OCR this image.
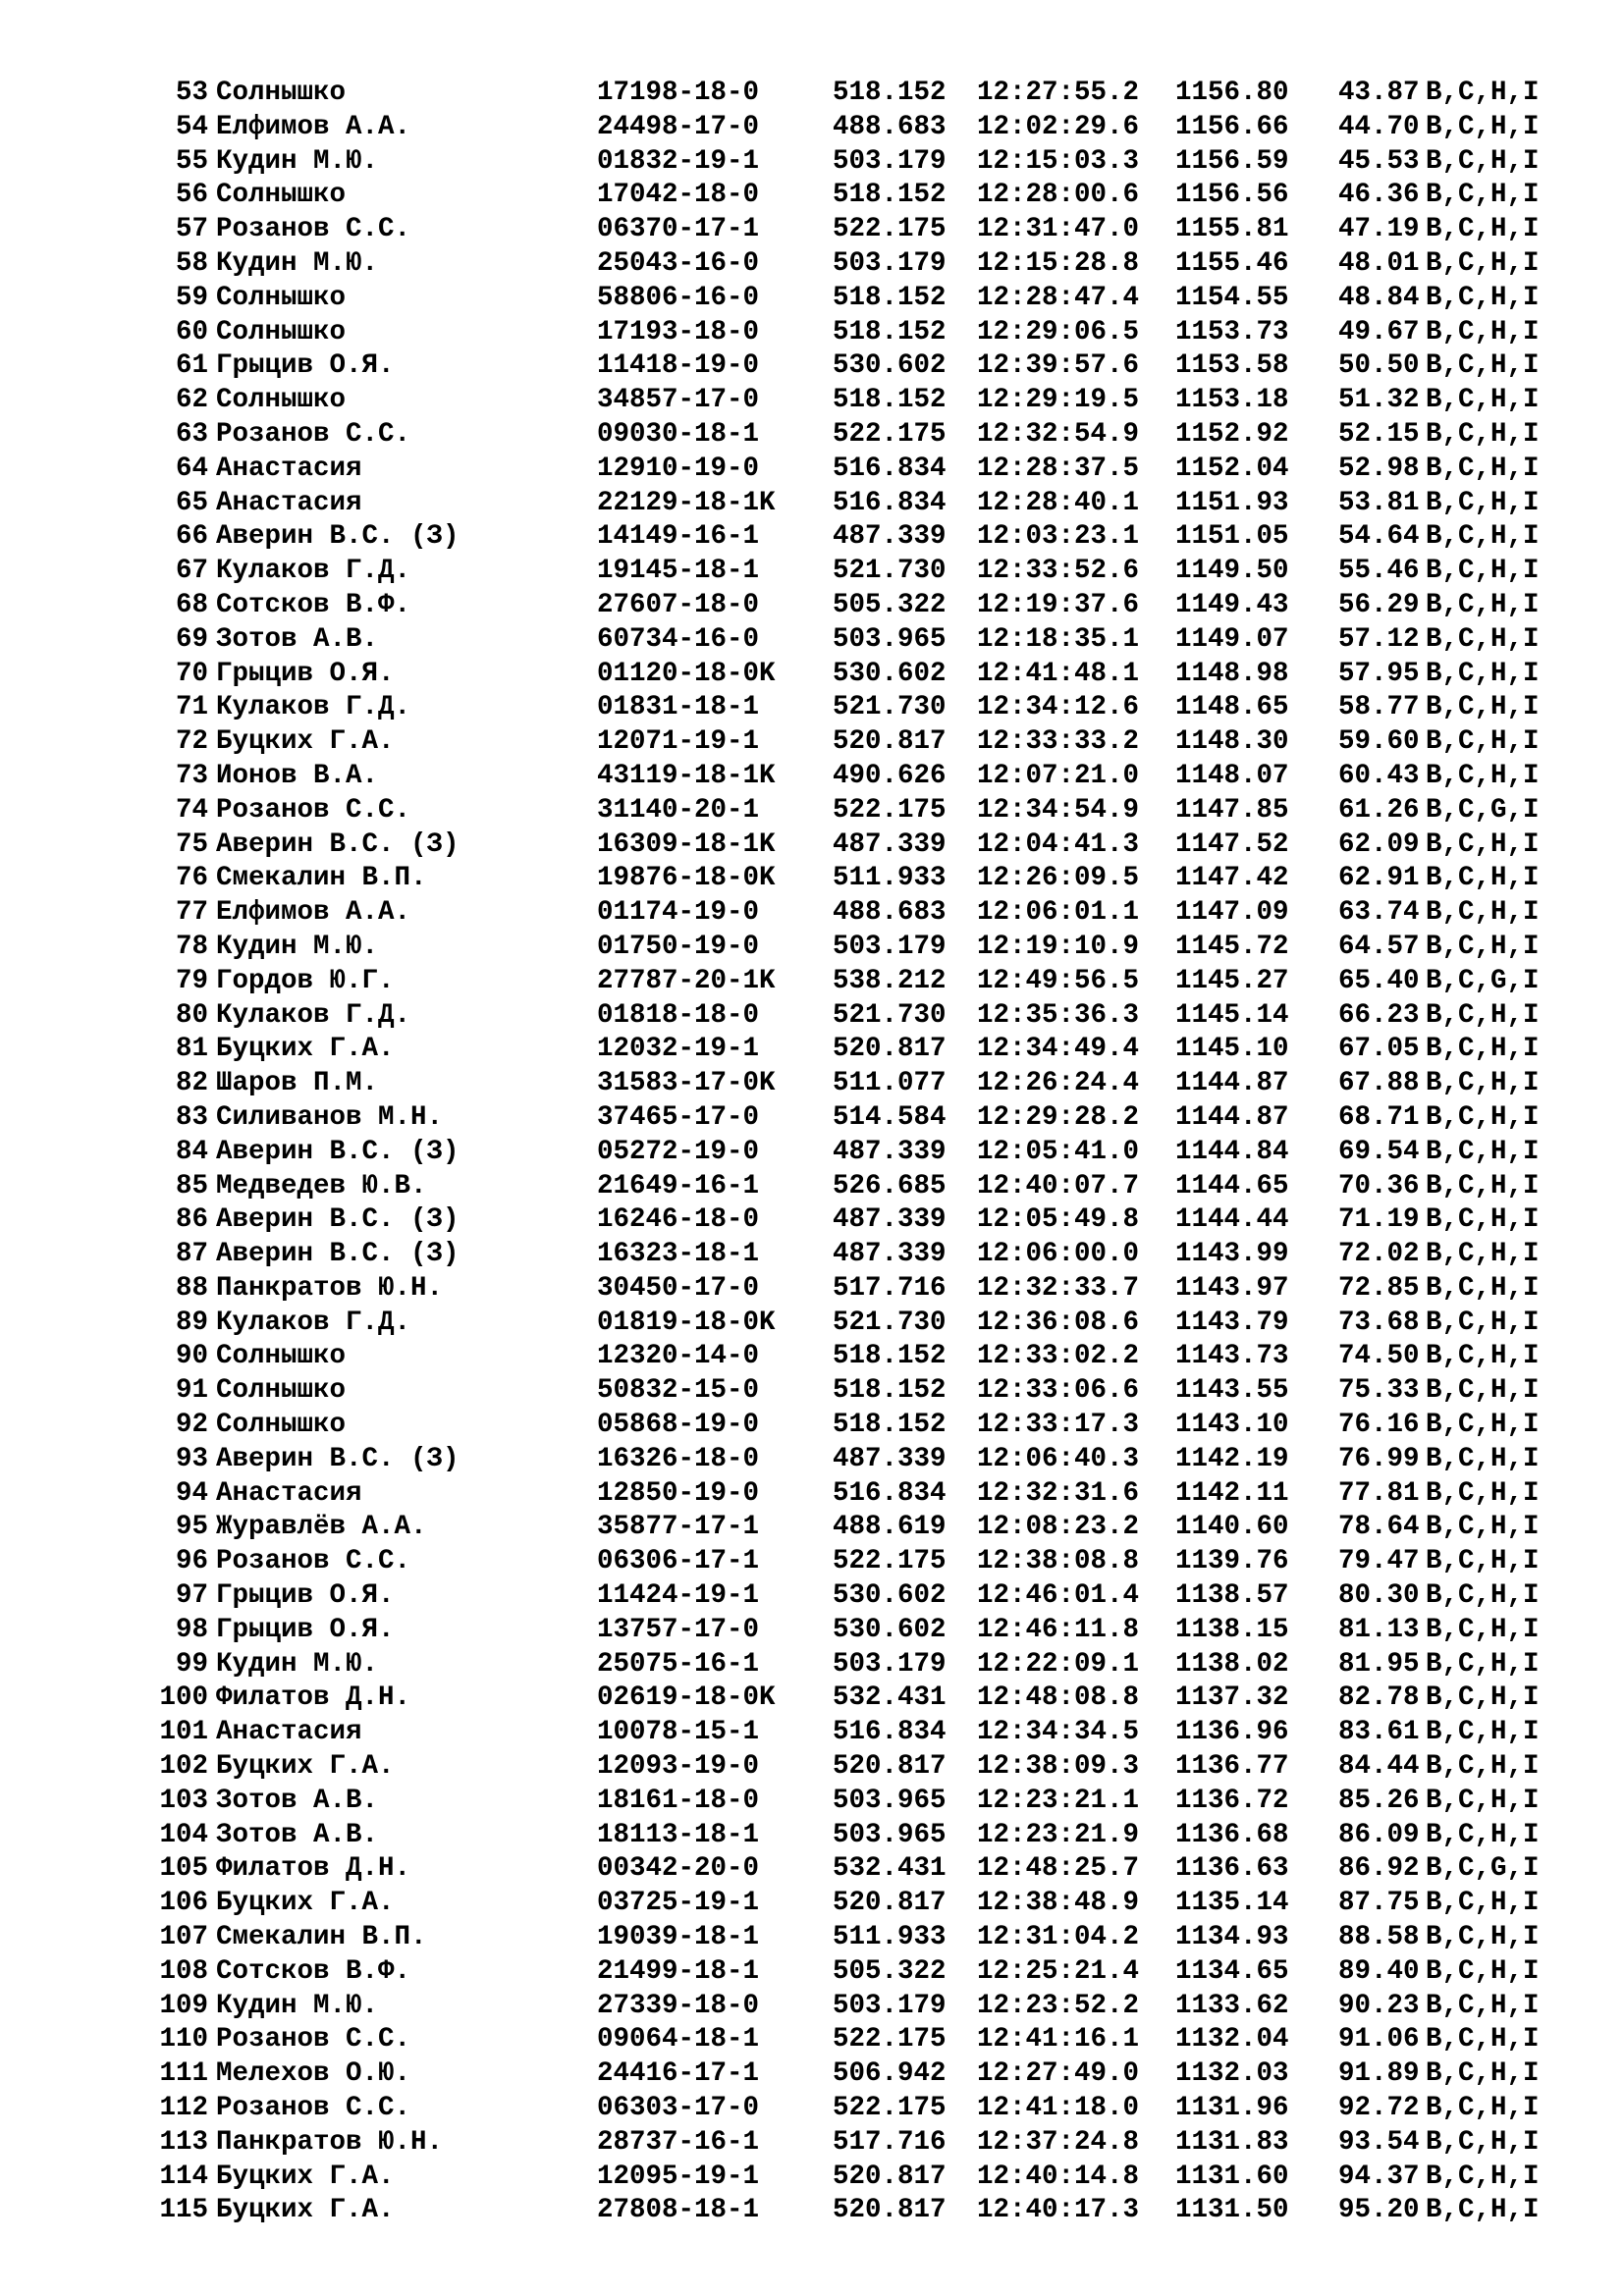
53 Солнышко	17198-18-0	518.152 12:27:55.2 1156.80 43.87 B,C,H,I
54 Елфимов А.А.	24498-17-0	488.683 12:02:29.6 1156.66 44.70 B,C,H,I
55 Кудин М.Ю.	01832-19-1	503.179 12:15:03.3 1156.59 45.53 B,C,H,I
56 Солнышко	17042-18-0	518.152 12:28:00.6 1156.56 46.36 B,C,H,I
57 Розанов С.С.	06370-17-1	522.175 12:31:47.0 1155.81 47.19 B,C,H,I
58 Кудин М.Ю.	25043-16-0	503.179 12:15:28.8 1155.46 48.01 B,C,H,I
59 Солнышко	58806-16-0	518.152 12:28:47.4 1154.55 48.84 B,C,H,I
60 Солнышко	17193-18-0	518.152 12:29:06.5 1153.73 49.67 B,C,H,I
61 Грыцив О.Я.	11418-19-0	530.602 12:39:57.6 1153.58 50.50 B,C,H,I
62 Солнышко	34857-17-0	518.152 12:29:19.5 1153.18 51.32 B,C,H,I
63 Розанов С.С.	09030-18-1	522.175 12:32:54.9 1152.92 52.15 B,C,H,I
64 Анастасия	12910-19-0	516.834 12:28:37.5 1152.04 52.98 B,C,H,I
65 Анастасия	22129-18-1K 516.834 12:28:40.1 1151.93 53.81 B,C,H,I
66 Аверин В.С. (З)	14149-16-1	487.339 12:03:23.1 1151.05 54.64 B,C,H,I
67 Кулаков Г.Д.	19145-18-1	521.730 12:33:52.6 1149.50 55.46 B,C,H,I
68 Сотсков В.Ф.	27607-18-0	505.322 12:19:37.6 1149.43 56.29 B,C,H,I
69 Зотов А.В.	60734-16-0	503.965 12:18:35.1 1149.07 57.12 B,C,H,I
70 Грыцив О.Я.	01120-18-0K 530.602 12:41:48.1 1148.98 57.95 B,C,H,I
71 Кулаков Г.Д.	01831-18-1	521.730 12:34:12.6 1148.65 58.77 B,C,H,I
72 Буцких Г.А.	12071-19-1	520.817 12:33:33.2 1148.30 59.60 B,C,H,I
73 Ионов В.А.	43119-18-1K 490.626 12:07:21.0 1148.07 60.43 B,C,H,I
74 Розанов С.С.	31140-20-1	522.175 12:34:54.9 1147.85 61.26 B,C,G,I
75 Аверин В.С. (З)	16309-18-1K 487.339 12:04:41.3 1147.52 62.09 B,C,H,I
76 Смекалин В.П.	19876-18-0K 511.933 12:26:09.5 1147.42 62.91 B,C,H,I
77 Елфимов А.А.	01174-19-0	488.683 12:06:01.1 1147.09 63.74 B,C,H,I
78 Кудин М.Ю.	01750-19-0	503.179 12:19:10.9 1145.72 64.57 B,C,H,I
79 Гордов Ю.Г.	27787-20-1K 538.212 12:49:56.5 1145.27 65.40 B,C,G,I
80 Кулаков Г.Д.	01818-18-0	521.730 12:35:36.3 1145.14 66.23 B,C,H,I
81 Буцких Г.А.	12032-19-1	520.817 12:34:49.4 1145.10 67.05 B,C,H,I
82 Шаров П.М.	31583-17-0K 511.077 12:26:24.4 1144.87 67.88 B,C,H,I
83 Силиванов М.Н.	37465-17-0	514.584 12:29:28.2 1144.87 68.71 B,C,H,I
84 Аверин В.С. (З)	05272-19-0	487.339 12:05:41.0 1144.84 69.54 B,C,H,I
85 Медведев Ю.В.	21649-16-1	526.685 12:40:07.7 1144.65 70.36 B,C,H,I
86 Аверин В.С. (З)	16246-18-0	487.339 12:05:49.8 1144.44 71.19 B,C,H,I
87 Аверин В.С. (З)	16323-18-1	487.339 12:06:00.0 1143.99 72.02 B,C,H,I
88 Панкратов Ю.Н.	30450-17-0	517.716 12:32:33.7 1143.97 72.85 B,C,H,I
89 Кулаков Г.Д.	01819-18-0K 521.730 12:36:08.6 1143.79 73.68 B,C,H,I
90 Солнышко	12320-14-0	518.152 12:33:02.2 1143.73 74.50 B,C,H,I
91 Солнышко	50832-15-0	518.152 12:33:06.6 1143.55 75.33 B,C,H,I
92 Солнышко	05868-19-0	518.152 12:33:17.3 1143.10 76.16 B,C,H,I
93 Аверин В.С. (З)	16326-18-0	487.339 12:06:40.3 1142.19 76.99 B,C,H,I
94 Анастасия	12850-19-0	516.834 12:32:31.6 1142.11 77.81 B,C,H,I
95 Журавлёв А.А.	35877-17-1	488.619 12:08:23.2 1140.60 78.64 B,C,H,I
96 Розанов С.С.	06306-17-1	522.175 12:38:08.8 1139.76 79.47 B,C,H,I
97 Грыцив О.Я.	11424-19-1	530.602 12:46:01.4 1138.57 80.30 B,C,H,I
98 Грыцив О.Я.	13757-17-0	530.602 12:46:11.8 1138.15 81.13 B,C,H,I
99 Кудин М.Ю.	25075-16-1	503.179 12:22:09.1 1138.02 81.95 B,C,H,I
100 Филатов Д.Н.	02619-18-0K 532.431 12:48:08.8 1137.32 82.78 B,C,H,I
101 Анастасия	10078-15-1	516.834 12:34:34.5 1136.96 83.61 B,C,H,I
102 Буцких Г.А.	12093-19-0	520.817 12:38:09.3 1136.77 84.44 B,C,H,I
103 Зотов А.В.	18161-18-0	503.965 12:23:21.1 1136.72 85.26 B,C,H,I
104 Зотов А.В.	18113-18-1	503.965 12:23:21.9 1136.68 86.09 B,C,H,I
105 Филатов Д.Н.	00342-20-0	532.431 12:48:25.7 1136.63 86.92 B,C,G,I
106 Буцких Г.А.	03725-19-1	520.817 12:38:48.9 1135.14 87.75 B,C,H,I
107 Смекалин В.П.	19039-18-1	511.933 12:31:04.2 1134.93 88.58 B,C,H,I
108 Сотсков В.Ф.	21499-18-1	505.322 12:25:21.4 1134.65 89.40 B,C,H,I
109 Кудин М.Ю.	27339-18-0	503.179 12:23:52.2 1133.62 90.23 B,C,H,I
110 Розанов С.С.	09064-18-1	522.175 12:41:16.1 1132.04 91.06 B,C,H,I
111 Мелехов О.Ю.	24416-17-1	506.942 12:27:49.0 1132.03 91.89 B,C,H,I
112 Розанов С.С.	06303-17-0	522.175 12:41:18.0 1131.96 92.72 B,C,H,I
113 Панкратов Ю.Н.	28737-16-1	517.716 12:37:24.8 1131.83 93.54 B,C,H,I
114 Буцких Г.А.	12095-19-1	520.817 12:40:14.8 1131.60 94.37 B,C,H,I
115 Буцких Г.А.	27808-18-1	520.817 12:40:17.3 1131.50 95.20 B,C,H,I
